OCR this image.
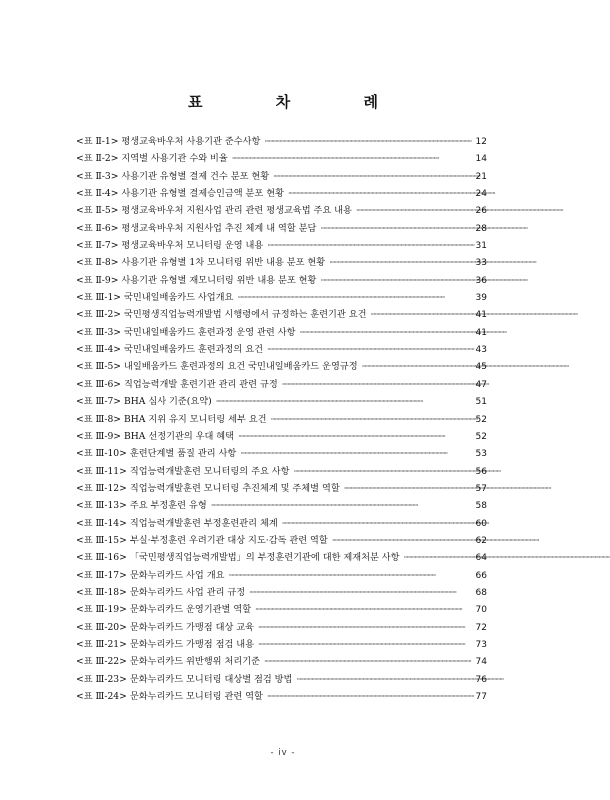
표 차 례
<표 Ⅱ-1> 평생교육바우처 사용기관 준수사항 ·····	12
<표 Ⅱ-2> 지역별 사용기관 수와 비율 ·····	14
<표 Ⅱ-3> 사용기관 유형별 결제 건수 분포 현황 ·····	21
<표 Ⅱ-4> 사용기관 유형별 결제승인금액 분포 현황 ·····	24
<표 Ⅱ-5> 평생교육바우처 지원사업 관리 관련 평생교육법 주요 내용 ·····	26
<표 Ⅱ-6> 평생교육바우처 지원사업 추진 체계 내 역할 분담 ·····	28
<표 Ⅱ-7> 평생교육바우처 모니터링 운영 내용 ·····	31
<표 Ⅱ-8> 사용기관 유형별 1차 모니터링 위반 내용 분포 현황 ·····	33
<표 Ⅱ-9> 사용기관 유형별 재모니터링 위반 내용 분포 현황 ·····	36
<표 Ⅲ-1> 국민내일배움카드 사업개요 ·····	39
<표 Ⅲ-2> 국민평생직업능력개발법 시행령에서 규정하는 훈련기관 요건 ·····	41
<표 Ⅲ-3> 국민내일배움카드 훈련과정 운영 관련 사항 ·····	41
<표 Ⅲ-4> 국민내일배움카드 훈련과정의 요건 ·····	43
<표 Ⅲ-5> 내일배움카드 훈련과정의 요건 국민내일배움카드 운영규정 ·····	45
<표 Ⅲ-6> 직업능력개발 훈련기관 관리 관련 규정 ·····	47
<표 Ⅲ-7> BHA 심사 기준(요약) ·····	51
<표 Ⅲ-8> BHA 지위 유지 모니터링 세부 요건 ·····	52
<표 Ⅲ-9> BHA 선정기관의 우대 혜택 ·····	52
<표 Ⅲ-10> 훈련단계별 품질 관리 사항 ·····	53
<표 Ⅲ-11> 직업능력개발훈련 모니터링의 주요 사항 ·····	56
<표 Ⅲ-12> 직업능력개발훈련 모니터링 추진체계 및 주체별 역할 ·····	57
<표 Ⅲ-13> 주요 부정훈련 유형 ·····	58
<표 Ⅲ-14> 직업능력개발훈련 부정훈련관리 체계 ·····	60
<표 Ⅲ-15> 부실·부정훈련 우려기관 대상 지도·감독 관련 역할 ·····	62
<표 Ⅲ-16> 「국민평생직업능력개발법」의 부정훈련기관에 대한 제재처분 사항 ·····	64
<표 Ⅲ-17> 문화누리카드 사업 개요 ·····	66
<표 Ⅲ-18> 문화누리카드 사업 관리 규정 ·····	68
<표 Ⅲ-19> 문화누리카드 운영기관별 역할 ·····	70
<표 Ⅲ-20> 문화누리카드 가맹점 대상 교육 ·····	72
<표 Ⅲ-21> 문화누리카드 가맹점 점검 내용 ·····	73
<표 Ⅲ-22> 문화누리카드 위반행위 처리기준 ·····	74
<표 Ⅲ-23> 문화누리카드 모니터링 대상별 점검 방법 ·····	76
<표 Ⅲ-24> 문화누리카드 모니터링 관련 역할 ·····	77
- iv -
